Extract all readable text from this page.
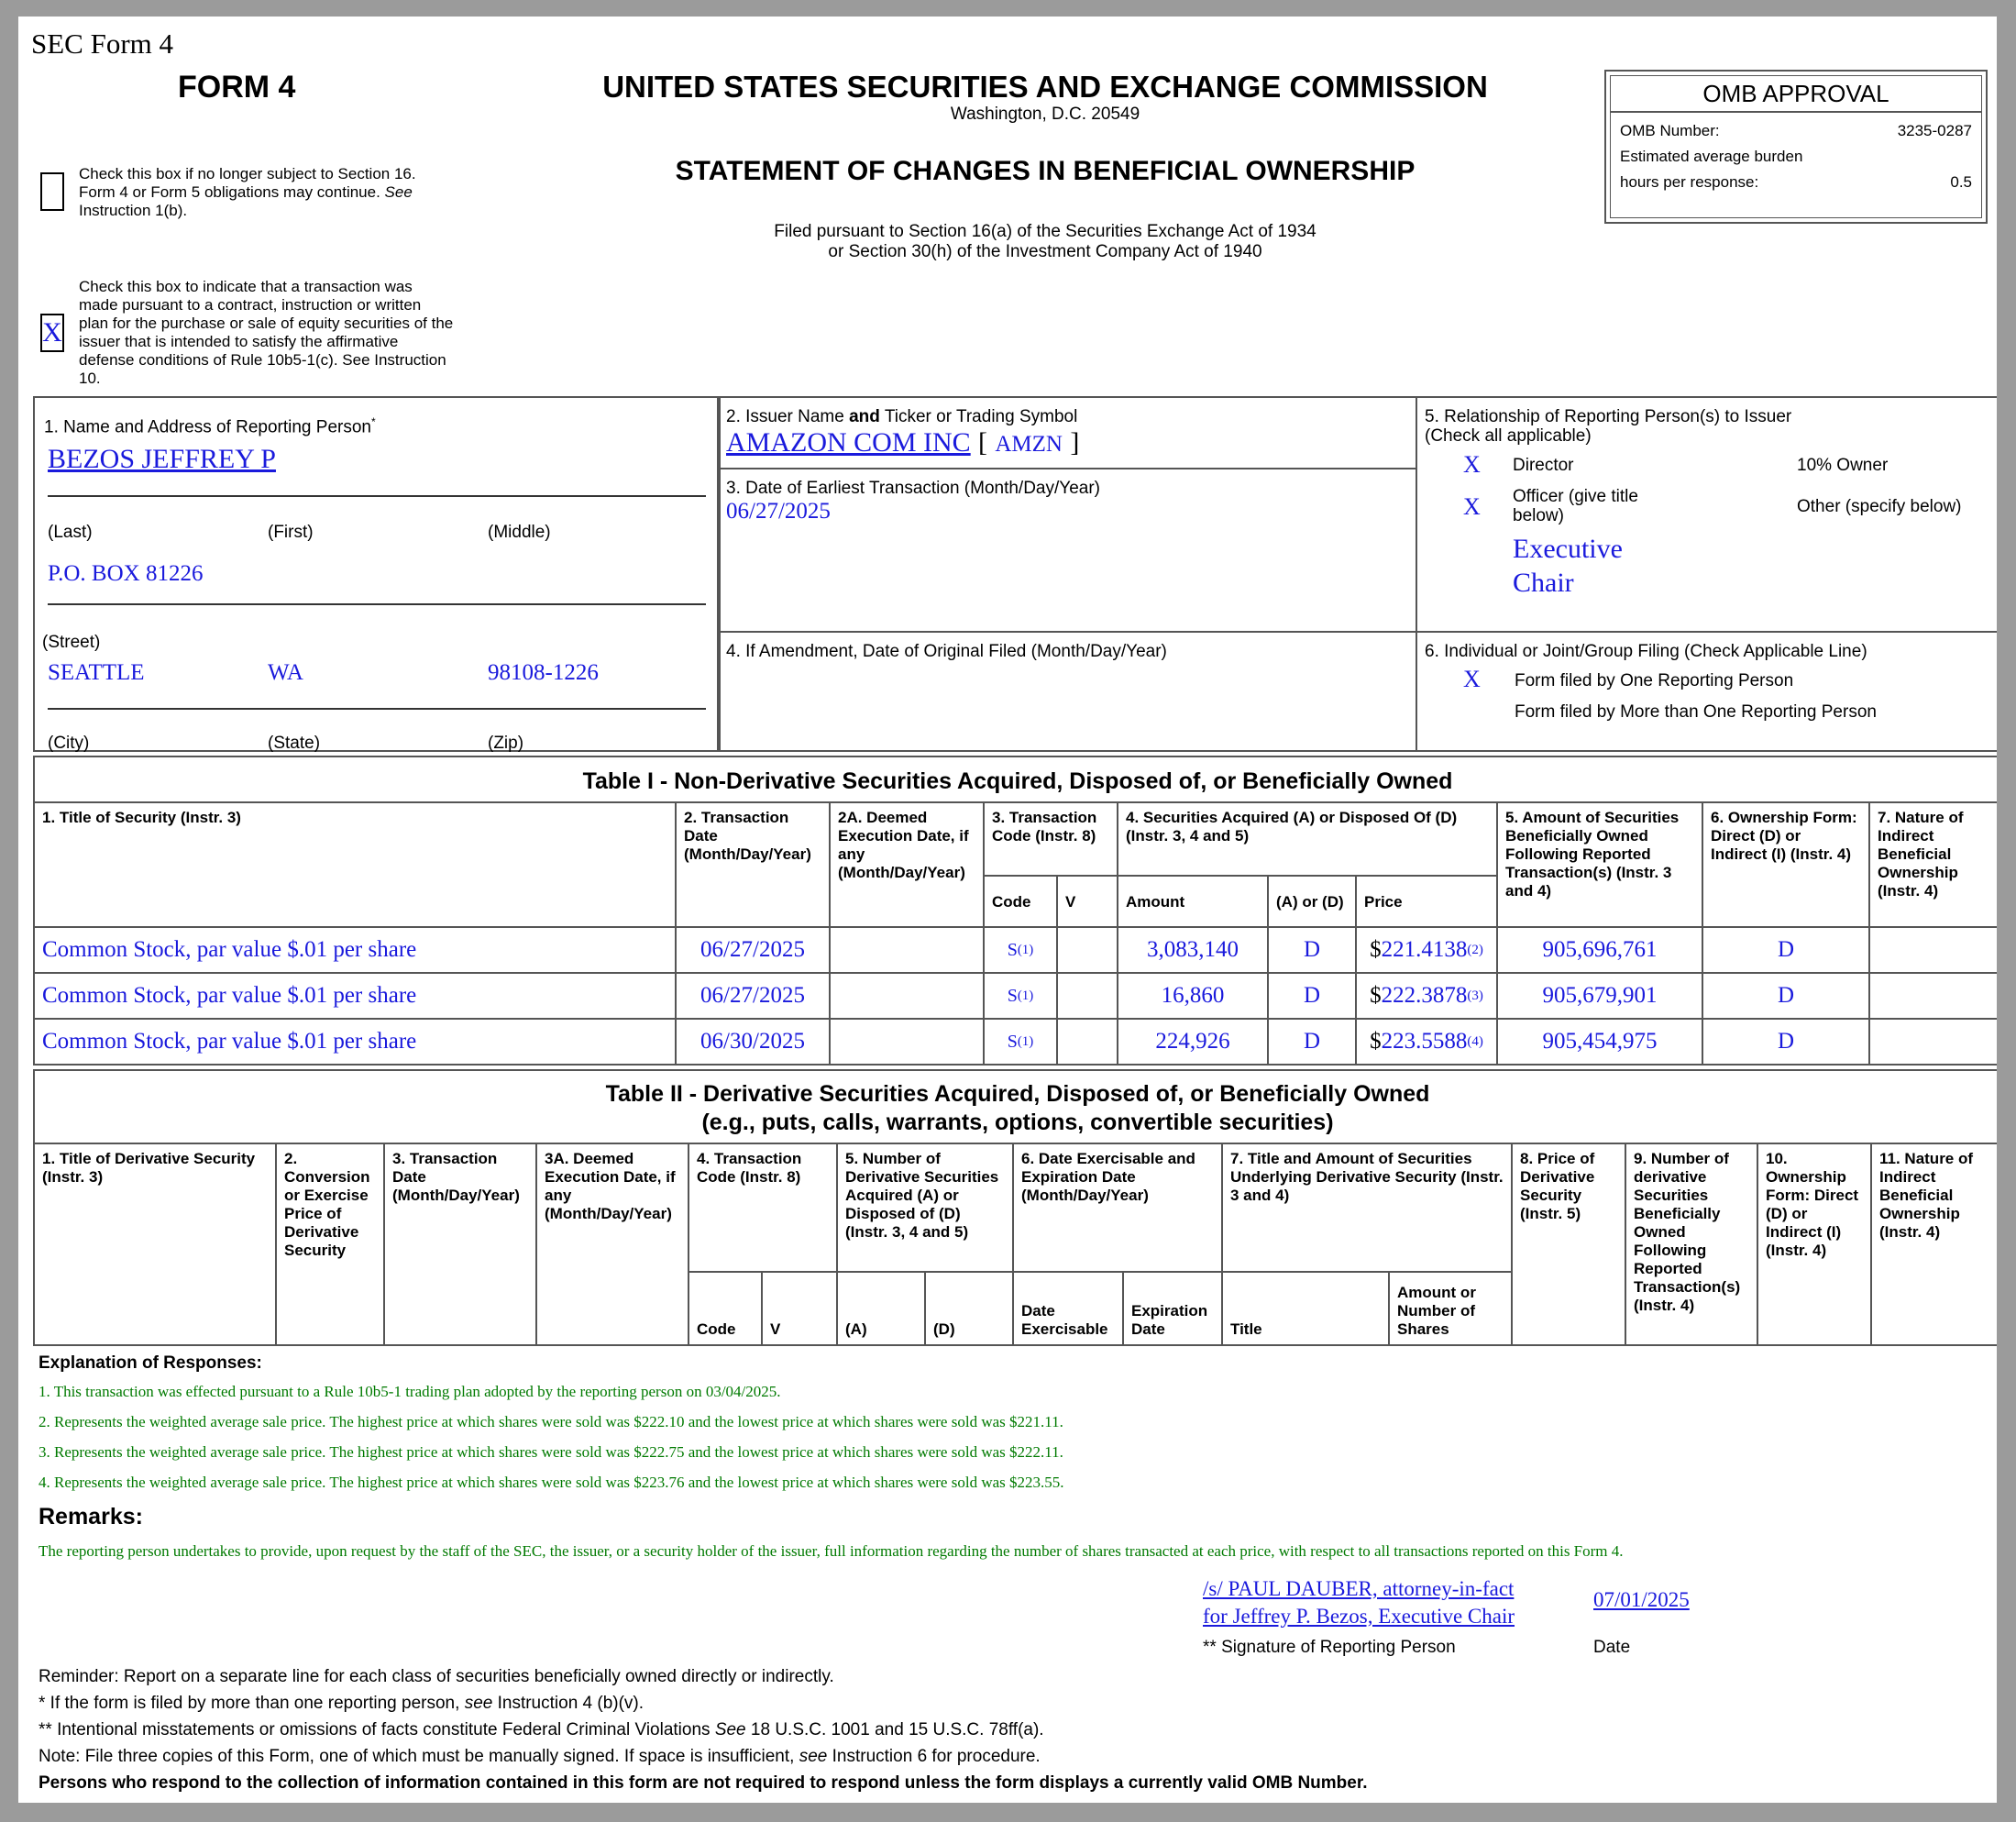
SEC Form 4
FORM 4	UNITED STATES SECURITIES AND EXCHANGE COMMISSION
Washington, D.C. 20549
STATEMENT OF CHANGES IN BENEFICIAL OWNERSHIP
Filed pursuant to Section 16(a) of the Securities Exchange Act of 1934
or Section 30(h) of the Investment Company Act of 1940
Check this box if no longer subject to Section 16. Form 4 or Form 5 obligations may continue. See Instruction 1(b).
X
Check this box to indicate that a transaction was made pursuant to a contract, instruction or written plan for the purchase or sale of equity securities of the issuer that is intended to satisfy the affirmative defense conditions of Rule 10b5-1(c). See Instruction 10.
OMB APPROVAL
OMB Number:	3235-0287
Estimated average burden
hours per response:	0.5
1. Name and Address of Reporting Person*
BEZOS JEFFREY P
(Last)	(First)	(Middle)
P.O. BOX 81226
(Street)
SEATTLE	WA	98108-1226
(City)	(State)	(Zip)
2. Issuer Name and Ticker or Trading Symbol
AMAZON COM INC [ AMZN ]
3. Date of Earliest Transaction (Month/Day/Year)
06/27/2025
4. If Amendment, Date of Original Filed (Month/Day/Year)
5. Relationship of Reporting Person(s) to Issuer
(Check all applicable)
X Director	10% Owner
X Officer (give title
below)	Other (specify below)
Executive
Chair
6. Individual or Joint/Group Filing (Check Applicable Line)
X Form filed by One Reporting Person
Form filed by More than One Reporting Person
Table I - Non-Derivative Securities Acquired, Disposed of, or Beneficially Owned
1. Title of Security (Instr. 3)	2. Transaction Date (Month/Day/Year)
2A. Deemed Execution Date, if any (Month/Day/Year)
3. Transaction Code (Instr. 8)
Code	V
4. Securities Acquired (A) or Disposed Of (D) (Instr. 3, 4 and 5)
Amount	(A) or (D)	Price
5. Amount of Securities Beneficially Owned Following Reported Transaction(s) (Instr. 3 and 4)
6. Ownership Form: Direct (D) or Indirect (I) (Instr. 4)
7. Nature of Indirect Beneficial Ownership (Instr. 4)
Common Stock, par value $.01 per share	06/27/2025	S (1)	3,083,140	D	$ 221.4138 (2)	905,696,761	D
Common Stock, par value $.01 per share	06/27/2025	S (1)	16,860	D	$ 222.3878 (3)	905,679,901	D
Common Stock, par value $.01 per share	06/30/2025	S (1)	224,926	D	$ 223.5588 (4)	905,454,975	D
Table II - Derivative Securities Acquired, Disposed of, or Beneficially Owned
(e.g., puts, calls, warrants, options, convertible securities)
1. Title of Derivative Security (Instr. 3)
2. Conversion or Exercise Price of Derivative Security
3. Transaction Date (Month/Day/Year)
3A. Deemed Execution Date, if any (Month/Day/Year)
4. Transaction Code (Instr. 8)
Code	V
5. Number of Derivative Securities Acquired (A) or Disposed of (D) (Instr. 3, 4 and 5)
(A)	(D)
6. Date Exercisable and Expiration Date (Month/Day/Year)
Date Exercisable
Expiration Date
7. Title and Amount of Securities Underlying Derivative Security (Instr. 3 and 4)
Title
Amount or Number of Shares
8. Price of Derivative Security (Instr. 5)
9. Number of derivative Securities Beneficially Owned Following Reported Transaction(s) (Instr. 4)
10. Ownership Form: Direct (D) or Indirect (I) (Instr. 4)
11. Nature of Indirect Beneficial Ownership (Instr. 4)
Explanation of Responses:
1. This transaction was effected pursuant to a Rule 10b5-1 trading plan adopted by the reporting person on 03/04/2025.
2. Represents the weighted average sale price. The highest price at which shares were sold was $222.10 and the lowest price at which shares were sold was $221.11.
3. Represents the weighted average sale price. The highest price at which shares were sold was $222.75 and the lowest price at which shares were sold was $222.11.
4. Represents the weighted average sale price. The highest price at which shares were sold was $223.76 and the lowest price at which shares were sold was $223.55.
Remarks:
The reporting person undertakes to provide, upon request by the staff of the SEC, the issuer, or a security holder of the issuer, full information regarding the number of shares transacted at each price, with respect to all transactions reported on this Form 4.
/s/ PAUL DAUBER, attorney-in-fact
for Jeffrey P. Bezos, Executive Chair
07/01/2025
** Signature of Reporting Person	Date
Reminder: Report on a separate line for each class of securities beneficially owned directly or indirectly.
* If the form is filed by more than one reporting person, see Instruction 4 (b)(v).
** Intentional misstatements or omissions of facts constitute Federal Criminal Violations See 18 U.S.C. 1001 and 15 U.S.C. 78ff(a).
Note: File three copies of this Form, one of which must be manually signed. If space is insufficient, see Instruction 6 for procedure.
Persons who respond to the collection of information contained in this form are not required to respond unless the form displays a currently valid OMB Number.
